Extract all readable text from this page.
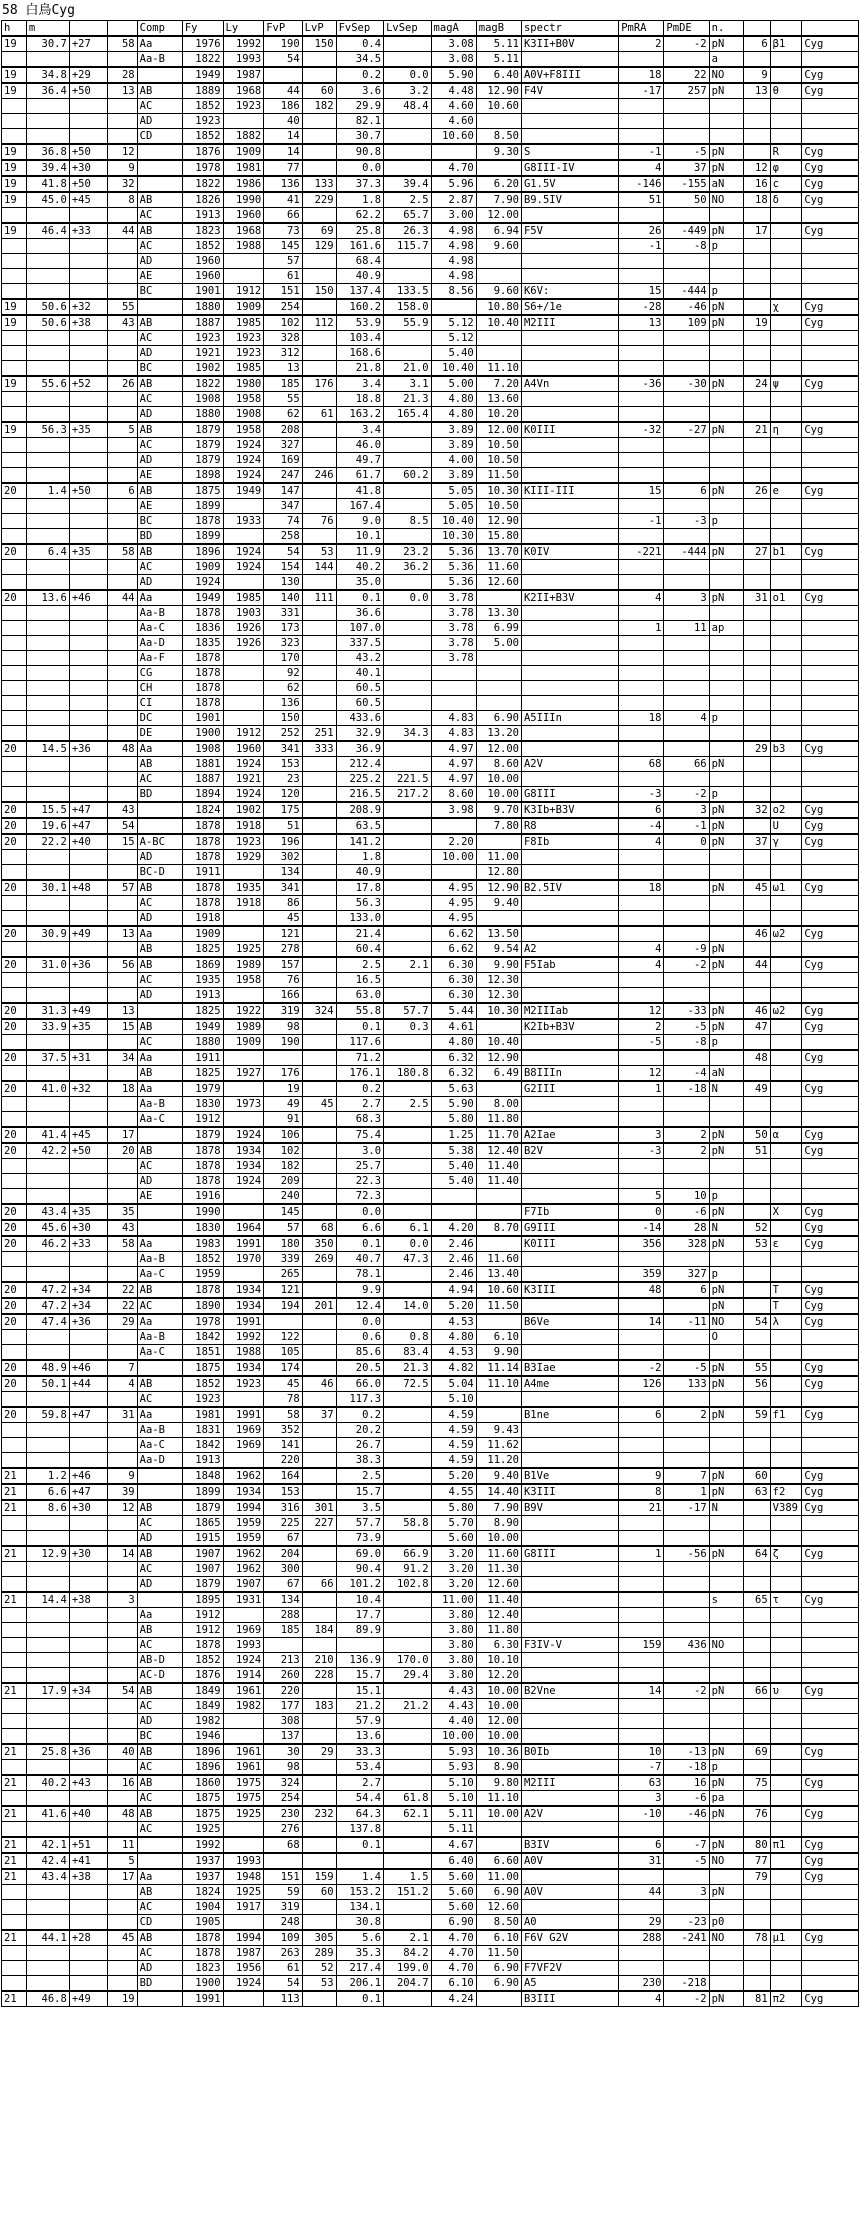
58 白鳥Cyg
h	m			Comp	Fy	Ly	FvP	LvP	FvSep	LvSep	magA	magB	spectr	PmRA	PmDE	n.			
19	30.7	+27	58	Aa	1976	1992	190	150	0.4		3.08	5.11	K3II+B0V	2	-2	pN	6	β1	Cyg
				Aa-B	1822	1993	54		34.5		3.08	5.11				a			
19	34.8	+29	28		1949	1987			0.2	0.0	5.90	6.40	A0V+F8III	18	22	NO	9		Cyg
19	36.4	+50	13	AB	1889	1968	44	60	3.6	3.2	4.48	12.90	F4V	-17	257	pN	13	θ	Cyg
				AC	1852	1923	186	182	29.9	48.4	4.60	10.60							
				AD	1923		40		82.1		4.60								
				CD	1852	1882	14		30.7		10.60	8.50							
19	36.8	+50	12		1876	1909	14		90.8			9.30	S	-1	-5	pN		R	Cyg
19	39.4	+30	9		1978	1981	77		0.0		4.70		G8III-IV	4	37	pN	12	φ	Cyg
19	41.8	+50	32		1822	1986	136	133	37.3	39.4	5.96	6.20	G1.5V	-146	-155	aN	16	c	Cyg
19	45.0	+45	8	AB	1826	1990	41	229	1.8	2.5	2.87	7.90	B9.5IV	51	50	NO	18	δ	Cyg
				AC	1913	1960	66		62.2	65.7	3.00	12.00							
19	46.4	+33	44	AB	1823	1968	73	69	25.8	26.3	4.98	6.94	F5V	26	-449	pN	17		Cyg
				AC	1852	1988	145	129	161.6	115.7	4.98	9.60		-1	-8	p			
				AD	1960		57		68.4		4.98								
				AE	1960		61		40.9		4.98								
				BC	1901	1912	151	150	137.4	133.5	8.56	9.60	K6V:	15	-444	p			
19	50.6	+32	55		1880	1909	254		160.2	158.0		10.80	S6+/1e	-28	-46	pN		χ	Cyg
19	50.6	+38	43	AB	1887	1985	102	112	53.9	55.9	5.12	10.40	M2III	13	109	pN	19		Cyg
				AC	1923	1923	328		103.4		5.12								
				AD	1921	1923	312		168.6		5.40								
				BC	1902	1985	13		21.8	21.0	10.40	11.10							
19	55.6	+52	26	AB	1822	1980	185	176	3.4	3.1	5.00	7.20	A4Vn	-36	-30	pN	24	ψ	Cyg
				AC	1908	1958	55		18.8	21.3	4.80	13.60							
				AD	1880	1908	62	61	163.2	165.4	4.80	10.20							
19	56.3	+35	5	AB	1879	1958	208		3.4		3.89	12.00	K0III	-32	-27	pN	21	η	Cyg
				AC	1879	1924	327		46.0		3.89	10.50							
				AD	1879	1924	169		49.7		4.00	10.50							
				AE	1898	1924	247	246	61.7	60.2	3.89	11.50							
20	1.4	+50	6	AB	1875	1949	147		41.8		5.05	10.30	KIII-III	15	6	pN	26	e	Cyg
				AE	1899		347		167.4		5.05	10.50							
				BC	1878	1933	74	76	9.0	8.5	10.40	12.90		-1	-3	p			
				BD	1899		258		10.1		10.30	15.80							
20	6.4	+35	58	AB	1896	1924	54	53	11.9	23.2	5.36	13.70	K0IV	-221	-444	pN	27	b1	Cyg
				AC	1909	1924	154	144	40.2	36.2	5.36	11.60							
				AD	1924		130		35.0		5.36	12.60							
20	13.6	+46	44	Aa	1949	1985	140	111	0.1	0.0	3.78		K2II+B3V	4	3	pN	31	o1	Cyg
				Aa-B	1878	1903	331		36.6		3.78	13.30							
				Aa-C	1836	1926	173		107.0		3.78	6.99		1	11	ap			
				Aa-D	1835	1926	323		337.5		3.78	5.00							
				Aa-F	1878		170		43.2		3.78								
				CG	1878		92		40.1										
				CH	1878		62		60.5										
				CI	1878		136		60.5										
				DC	1901		150		433.6		4.83	6.90	A5IIIn	18	4	p			
				DE	1900	1912	252	251	32.9	34.3	4.83	13.20							
20	14.5	+36	48	Aa	1908	1960	341	333	36.9		4.97	12.00					29	b3	Cyg
				AB	1881	1924	153		212.4		4.97	8.60	A2V	68	66	pN			
				AC	1887	1921	23		225.2	221.5	4.97	10.00							
				BD	1894	1924	120		216.5	217.2	8.60	10.00	G8III	-3	-2	p			
20	15.5	+47	43		1824	1902	175		208.9		3.98	9.70	K3Ib+B3V	6	3	pN	32	o2	Cyg
20	19.6	+47	54		1878	1918	51		63.5			7.80	R8	-4	-1	pN		U	Cyg
20	22.2	+40	15	A-BC	1878	1923	196		141.2		2.20		F8Ib	4	0	pN	37	γ	Cyg
				AD	1878	1929	302		1.8		10.00	11.00							
				BC-D	1911		134		40.9			12.80							
20	30.1	+48	57	AB	1878	1935	341		17.8		4.95	12.90	B2.5IV	18		pN	45	ω1	Cyg
				AC	1878	1918	86		56.3		4.95	9.40							
				AD	1918		45		133.0		4.95								
20	30.9	+49	13	Aa	1909		121		21.4		6.62	13.50					46	ω2	Cyg
				AB	1825	1925	278		60.4		6.62	9.54	A2	4	-9	pN			
20	31.0	+36	56	AB	1869	1989	157		2.5	2.1	6.30	9.90	F5Iab	4	-2	pN	44		Cyg
				AC	1935	1958	76		16.5		6.30	12.30							
				AD	1913		166		63.0		6.30	12.30							
20	31.3	+49	13		1825	1922	319	324	55.8	57.7	5.44	10.30	M2IIIab	12	-33	pN	46	ω2	Cyg
20	33.9	+35	15	AB	1949	1989	98		0.1	0.3	4.61		K2Ib+B3V	2	-5	pN	47		Cyg
				AC	1880	1909	190		117.6		4.80	10.40		-5	-8	p			
20	37.5	+31	34	Aa	1911				71.2		6.32	12.90					48		Cyg
				AB	1825	1927	176		176.1	180.8	6.32	6.49	B8IIIn	12	-4	aN			
20	41.0	+32	18	Aa	1979		19		0.2		5.63		G2III	1	-18	N	49		Cyg
				Aa-B	1830	1973	49	45	2.7	2.5	5.90	8.00							
				Aa-C	1912		91		68.3		5.80	11.80							
20	41.4	+45	17		1879	1924	106		75.4		1.25	11.70	A2Iae	3	2	pN	50	α	Cyg
20	42.2	+50	20	AB	1878	1934	102		3.0		5.38	12.40	B2V	-3	2	pN	51		Cyg
				AC	1878	1934	182		25.7		5.40	11.40							
				AD	1878	1924	209		22.3		5.40	11.40							
				AE	1916		240		72.3					5	10	p			
20	43.4	+35	35		1990		145		0.0				F7Ib	0	-6	pN		X	Cyg
20	45.6	+30	43		1830	1964	57	68	6.6	6.1	4.20	8.70	G9III	-14	28	N	52		Cyg
20	46.2	+33	58	Aa	1983	1991	180	350	0.1	0.0	2.46		K0III	356	328	pN	53	ε	Cyg
				Aa-B	1852	1970	339	269	40.7	47.3	2.46	11.60							
				Aa-C	1959		265		78.1		2.46	13.40		359	327	p			
20	47.2	+34	22	AB	1878	1934	121		9.9		4.94	10.60	K3III	48	6	pN		T	Cyg
20	47.2	+34	22	AC	1890	1934	194	201	12.4	14.0	5.20	11.50				pN		T	Cyg
20	47.4	+36	29	Aa	1978	1991			0.0		4.53		B6Ve	14	-11	NO	54	λ	Cyg
				Aa-B	1842	1992	122		0.6	0.8	4.80	6.10				O			
				Aa-C	1851	1988	105		85.6	83.4	4.53	9.90							
20	48.9	+46	7		1875	1934	174		20.5	21.3	4.82	11.14	B3Iae	-2	-5	pN	55		Cyg
20	50.1	+44	4	AB	1852	1923	45	46	66.0	72.5	5.04	11.10	A4me	126	133	pN	56		Cyg
				AC	1923		78		117.3		5.10								
20	59.8	+47	31	Aa	1981	1991	58	37	0.2		4.59		B1ne	6	2	pN	59	f1	Cyg
				Aa-B	1831	1969	352		20.2		4.59	9.43							
				Aa-C	1842	1969	141		26.7		4.59	11.62							
				Aa-D	1913		220		38.3		4.59	11.20							
21	1.2	+46	9		1848	1962	164		2.5		5.20	9.40	B1Ve	9	7	pN	60		Cyg
21	6.6	+47	39		1899	1934	153		15.7		4.55	14.40	K3III	8	1	pN	63	f2	Cyg
21	8.6	+30	12	AB	1879	1994	316	301	3.5		5.80	7.90	B9V	21	-17	N		V389	Cyg
				AC	1865	1959	225	227	57.7	58.8	5.70	8.90							
				AD	1915	1959	67		73.9		5.60	10.00							
21	12.9	+30	14	AB	1907	1962	204		69.0	66.9	3.20	11.60	G8III	1	-56	pN	64	ζ	Cyg
				AC	1907	1962	300		90.4	91.2	3.20	11.30							
				AD	1879	1907	67	66	101.2	102.8	3.20	12.60							
21	14.4	+38	3		1895	1931	134		10.4		11.00	11.40				s	65	τ	Cyg
				Aa	1912		288		17.7		3.80	12.40							
				AB	1912	1969	185	184	89.9		3.80	11.80							
				AC	1878	1993					3.80	6.30	F3IV-V	159	436	NO			
				AB-D	1852	1924	213	210	136.9	170.0	3.80	10.10							
				AC-D	1876	1914	260	228	15.7	29.4	3.80	12.20							
21	17.9	+34	54	AB	1849	1961	220		15.1		4.43	10.00	B2Vne	14	-2	pN	66	υ	Cyg
				AC	1849	1982	177	183	21.2	21.2	4.43	10.00							
				AD	1982		308		57.9		4.40	12.00							
				BC	1946		137		13.6		10.00	10.00							
21	25.8	+36	40	AB	1896	1961	30	29	33.3		5.93	10.36	B0Ib	10	-13	pN	69		Cyg
				AC	1896	1961	98		53.4		5.93	8.90		-7	-18	p			
21	40.2	+43	16	AB	1860	1975	324		2.7		5.10	9.80	M2III	63	16	pN	75		Cyg
				AC	1875	1975	254		54.4	61.8	5.10	11.10		3	-6	pa			
21	41.6	+40	48	AB	1875	1925	230	232	64.3	62.1	5.11	10.00	A2V	-10	-46	pN	76		Cyg
				AC	1925		276		137.8		5.11								
21	42.1	+51	11		1992		68		0.1		4.67		B3IV	6	-7	pN	80	π1	Cyg
21	42.4	+41	5		1937	1993					6.40	6.60	A0V	31	-5	NO	77		Cyg
21	43.4	+38	17	Aa	1937	1948	151	159	1.4	1.5	5.60	11.00					79		Cyg
				AB	1824	1925	59	60	153.2	151.2	5.60	6.90	A0V	44	3	pN			
				AC	1904	1917	319		134.1		5.60	12.60							
				CD	1905		248		30.8		6.90	8.50	A0	29	-23	p0			
21	44.1	+28	45	AB	1878	1994	109	305	5.6	2.1	4.70	6.10	F6V G2V	288	-241	NO	78	μ1	Cyg
				AC	1878	1987	263	289	35.3	84.2	4.70	11.50							
				AD	1823	1956	61	52	217.4	199.0	4.70	6.90	F7VF2V						
				BD	1900	1924	54	53	206.1	204.7	6.10	6.90	A5	230	-218				
21	46.8	+49	19		1991		113		0.1		4.24		B3III	4	-2	pN	81	π2	Cyg
